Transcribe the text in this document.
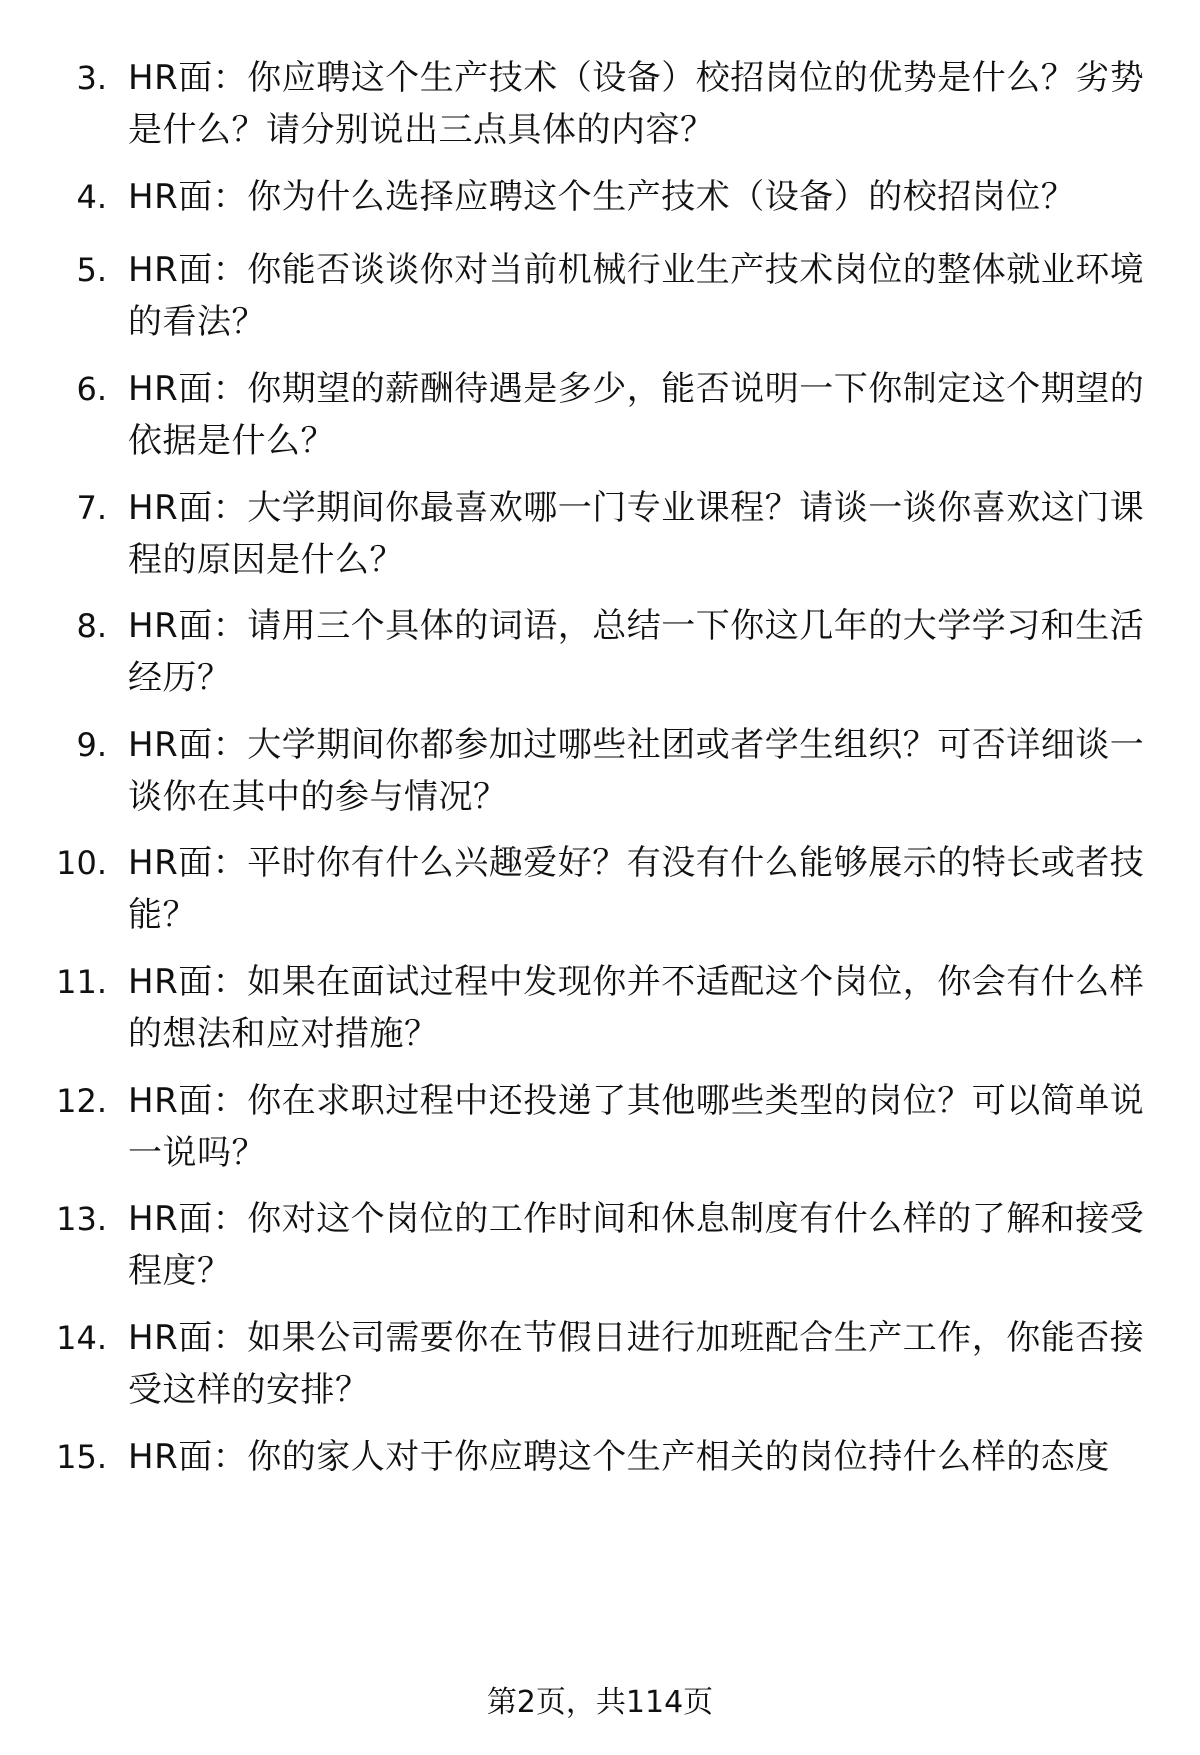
3. HR面：你应聘这个生产技术（设备）校招岗位的优势是什么？劣势是什么？请分别说出三点具体的内容？
4. HR面：你为什么选择应聘这个生产技术（设备）的校招岗位？
5. HR面：你能否谈谈你对当前机械行业生产技术岗位的整体就业环境的看法？
6. HR面：你期望的薪酬待遇是多少，能否说明一下你制定这个期望的依据是什么？
7. HR面：大学期间你最喜欢哪一门专业课程？请谈一谈你喜欢这门课程的原因是什么？
8. HR面：请用三个具体的词语，总结一下你这几年的大学学习和生活经历？
9. HR面：大学期间你都参加过哪些社团或者学生组织？可否详细谈一谈你在其中的参与情况？
10. HR面：平时你有什么兴趣爱好？有没有什么能够展示的特长或者技能？
11. HR面：如果在面试过程中发现你并不适配这个岗位，你会有什么样的想法和应对措施？
12. HR面：你在求职过程中还投递了其他哪些类型的岗位？可以简单说一说吗？
13. HR面：你对这个岗位的工作时间和休息制度有什么样的了解和接受程度？
14. HR面：如果公司需要你在节假日进行加班配合生产工作，你能否接受这样的安排？
15. HR面：你的家人对于你应聘这个生产相关的岗位持什么样的态度
第2页，共114页
